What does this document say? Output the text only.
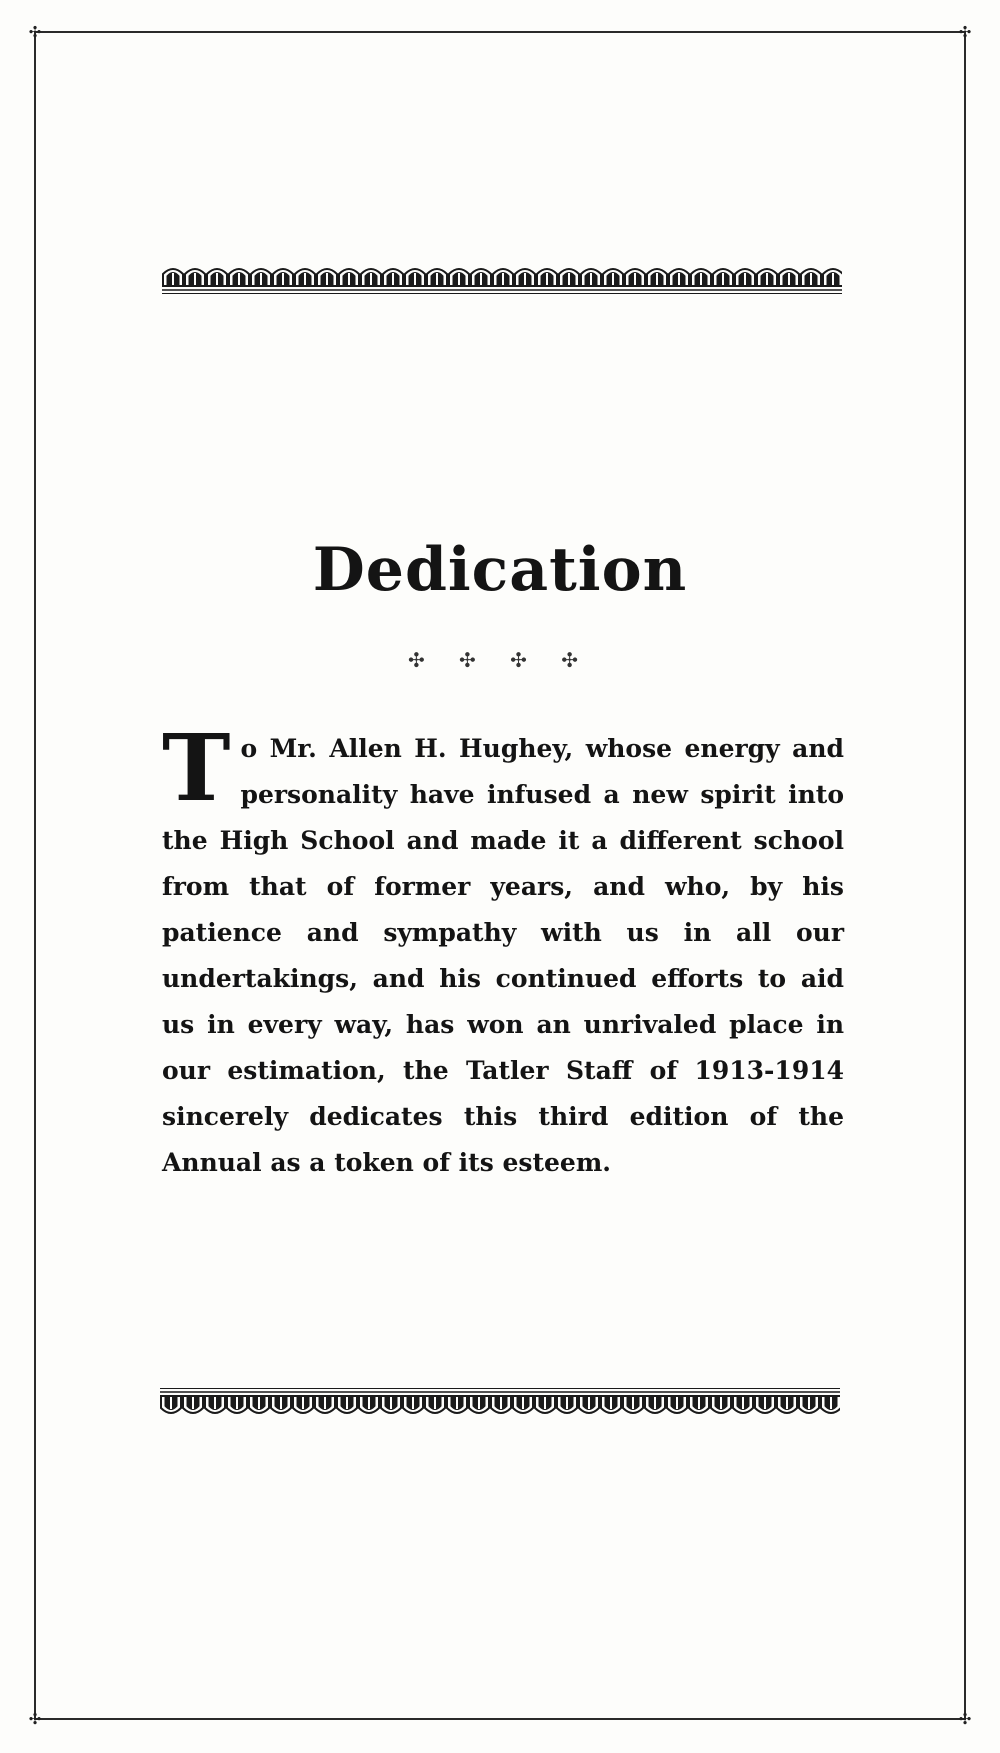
✣	✣
✣	✣
Dedication
✣ ✣ ✣ ✣
To Mr. Allen H. Hughey, whose energy and personality have infused a new spirit into the High School and made it a different school from that of former years, and who, by his patience and sympathy with us in all our undertakings, and his continued efforts to aid us in every way, has won an unrivaled place in our estimation, the Tatler Staff of 1913-1914 sincerely dedicates this third edition of the Annual as a token of its esteem.
